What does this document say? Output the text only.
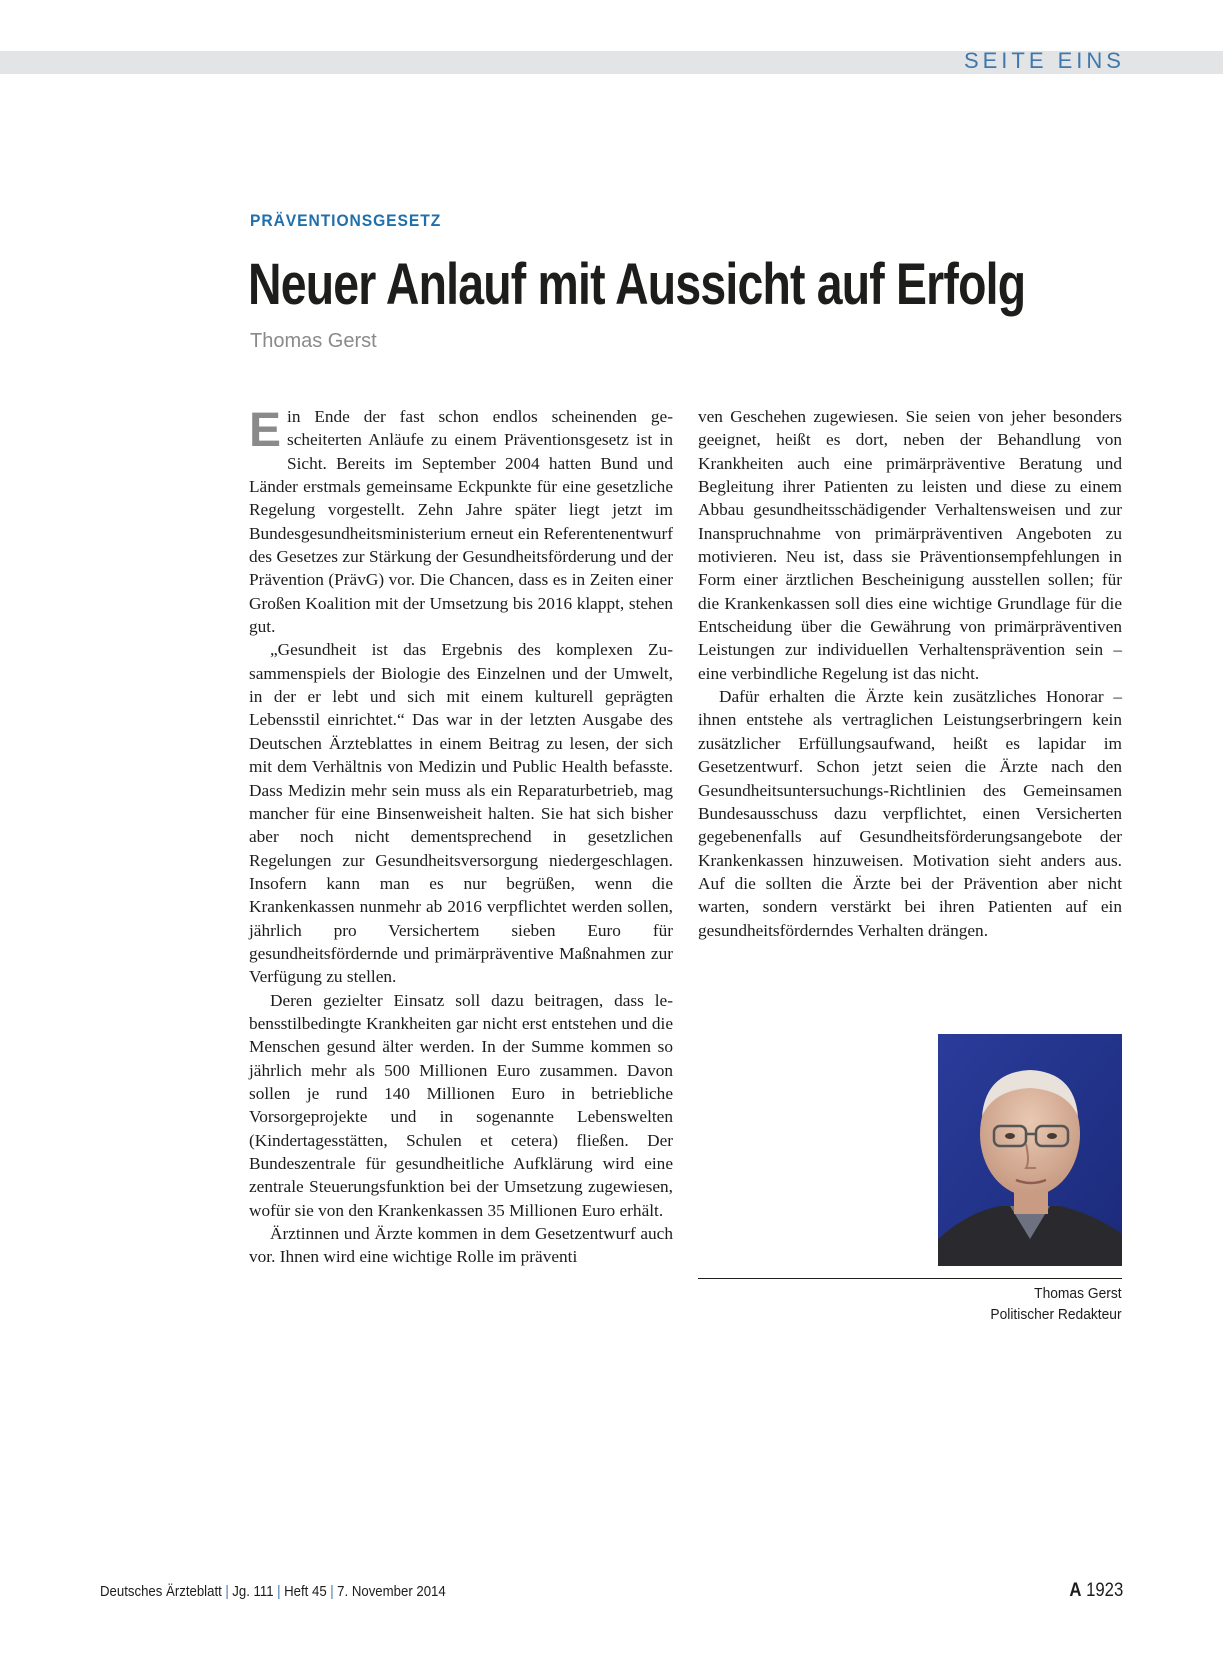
SEITE EINS
PRÄVENTIONSGESETZ
Neuer Anlauf mit Aussicht auf Erfolg
Thomas Gerst

Ein Ende der fast schon endlos scheinenden gescheiterten Anläufe zu einem Präventionsgesetz ist in Sicht. Bereits im September 2004 hatten Bund und Länder erstmals gemeinsame Eckpunkte für eine gesetzliche Regelung vorgestellt. Zehn Jahre später liegt jetzt im Bundesgesundheitsministerium erneut ein Referentenentwurf des Gesetzes zur Stärkung der Gesundheitsförderung und der Prävention (PrävG) vor. Die Chancen, dass es in Zeiten einer Großen Koalition mit der Umsetzung bis 2016 klappt, stehen gut.

„Gesundheit ist das Ergebnis des komplexen Zusammenspiels der Biologie des Einzelnen und der Umwelt, in der er lebt und sich mit einem kulturell geprägten Lebensstil einrichtet.“ Das war in der letzten Ausgabe des Deutschen Ärzteblattes in einem Beitrag zu lesen, der sich mit dem Verhältnis von Medizin und Public Health befasste. Dass Medizin mehr sein muss als ein Reparaturbetrieb, mag mancher für eine Binsenweisheit halten. Sie hat sich bisher aber noch nicht dementsprechend in gesetzlichen Regelungen zur Gesundheitsversorgung niedergeschlagen. Insofern kann man es nur begrüßen, wenn die Krankenkassen nunmehr ab 2016 verpflichtet werden sollen, jährlich pro Versichertem sieben Euro für gesundheitsfördernde und primärpräventive Maßnahmen zur Verfügung zu stellen.

Deren gezielter Einsatz soll dazu beitragen, dass lebensstilbedingte Krankheiten gar nicht erst entstehen und die Menschen gesund älter werden. In der Summe kommen so jährlich mehr als 500 Millionen Euro zusammen. Davon sollen je rund 140 Millionen Euro in betriebliche Vorsorgeprojekte und in sogenannte Lebenswelten (Kindertagesstätten, Schulen et cetera) fließen. Der Bundeszentrale für gesundheitliche Aufklärung wird eine zentrale Steuerungsfunktion bei der Umsetzung zugewiesen, wofür sie von den Krankenkassen 35 Millionen Euro erhält.

Ärztinnen und Ärzte kommen in dem Gesetzentwurf auch vor. Ihnen wird eine wichtige Rolle im präventi

ven Geschehen zugewiesen. Sie seien von jeher besonders geeignet, heißt es dort, neben der Behandlung von Krankheiten auch eine primärpräventive Beratung und Begleitung ihrer Patienten zu leisten und diese zu einem Abbau gesundheitsschädigender Verhaltensweisen und zur Inanspruchnahme von primärpräventiven Angeboten zu motivieren. Neu ist, dass sie Präventionsempfehlungen in Form einer ärztlichen Bescheinigung ausstellen sollen; für die Krankenkassen soll dies eine wichtige Grundlage für die Entscheidung über die Gewährung von primärpräventiven Leistungen zur individuellen Verhaltensprävention sein – eine verbindliche Regelung ist das nicht.

Dafür erhalten die Ärzte kein zusätzliches Honorar – ihnen entstehe als vertraglichen Leistungserbringern kein zusätzlicher Erfüllungsaufwand, heißt es lapidar im Gesetzentwurf. Schon jetzt seien die Ärzte nach den Gesundheitsuntersuchungs-Richtlinien des Gemeinsamen Bundesausschuss dazu verpflichtet, einen Versicherten gegebenenfalls auf Gesundheitsförderungsangebote der Krankenkassen hinzuweisen. Motivation sieht anders aus. Auf die sollten die Ärzte bei der Prävention aber nicht warten, sondern verstärkt bei ihren Patienten auf ein gesundheitsförderndes Verhalten drängen.

Thomas Gerst
Politischer Redakteur
Deutsches Ärzteblatt | Jg. 111 | Heft 45 | 7. November 2014	A 1923
